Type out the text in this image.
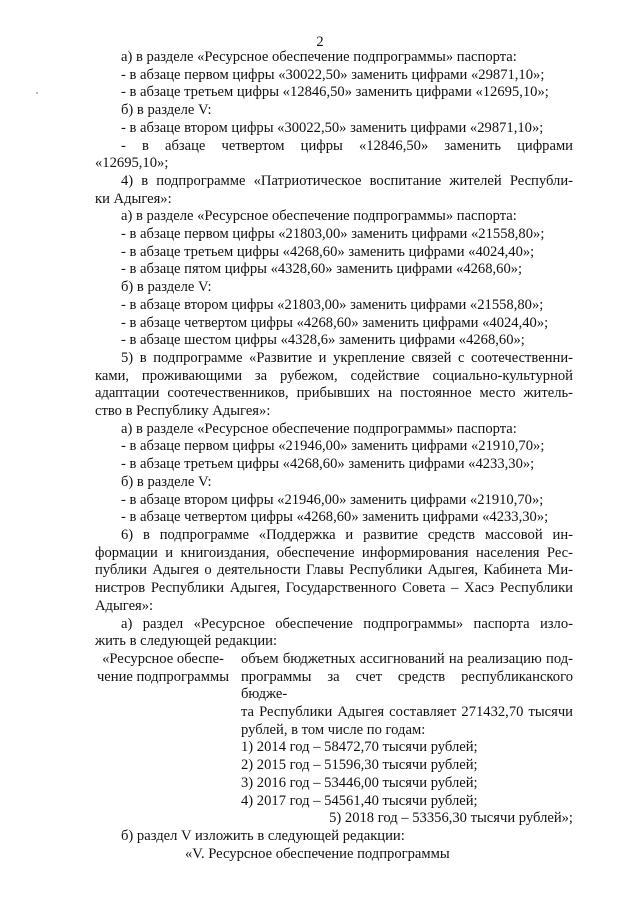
2

а) в разделе «Ресурсное обеспечение подпрограммы» паспорта:

- в абзаце первом цифры «30022,50» заменить цифрами «29871,10»;

- в абзаце третьем цифры «12846,50» заменить цифрами «12695,10»;

б) в разделе V:

- в абзаце втором цифры «30022,50» заменить цифрами «29871,10»;

- в абзаце четвертом цифры «12846,50» заменить цифрами

«12695,10»;

4) в подпрограмме «Патриотическое воспитание жителей Республи-

ки Адыгея»:

а) в разделе «Ресурсное обеспечение подпрограммы» паспорта:

- в абзаце первом цифры «21803,00» заменить цифрами «21558,80»;

- в абзаце третьем цифры «4268,60» заменить цифрами «4024,40»;

- в абзаце пятом цифры «4328,60» заменить цифрами «4268,60»;

б) в разделе V:

- в абзаце втором цифры «21803,00» заменить цифрами «21558,80»;

- в абзаце четвертом цифры «4268,60» заменить цифрами «4024,40»;

- в абзаце шестом цифры «4328,6» заменить цифрами «4268,60»;

5) в подпрограмме «Развитие и укрепление связей с соотечественни-

ками, проживающими за рубежом, содействие социально-культурной

адаптации соотечественников, прибывших на постоянное место житель-

ство в Республику Адыгея»:

а) в разделе «Ресурсное обеспечение подпрограммы» паспорта:

- в абзаце первом цифры «21946,00» заменить цифрами «21910,70»;

- в абзаце третьем цифры «4268,60» заменить цифрами «4233,30»;

б) в разделе V:

- в абзаце втором цифры «21946,00» заменить цифрами «21910,70»;

- в абзаце четвертом цифры «4268,60» заменить цифрами «4233,30»;

6) в подпрограмме «Поддержка и развитие средств массовой ин-

формации и книгоиздания, обеспечение информирования населения Рес-

публики Адыгея о деятельности Главы Республики Адыгея, Кабинета Ми-

нистров Республики Адыгея, Государственного Совета – Хасэ Республики

Адыгея»:

а) раздел «Ресурсное обеспечение подпрограммы» паспорта изло-

жить в следующей редакции:

«Ресурсное обеспе-

чение подпрограммы

объем бюджетных ассигнований на реализацию под-

программы за счет средств республиканского бюдже-

та Республики Адыгея составляет 271432,70 тысячи

рублей, в том числе по годам:

1) 2014 год – 58472,70 тысячи рублей;

2) 2015 год – 51596,30 тысячи рублей;

3) 2016 год – 53446,00 тысячи рублей;

4) 2017 год – 54561,40 тысячи рублей;

5) 2018 год – 53356,30 тысячи рублей»;

б) раздел V изложить в следующей редакции:

«V. Ресурсное обеспечение подпрограммы
